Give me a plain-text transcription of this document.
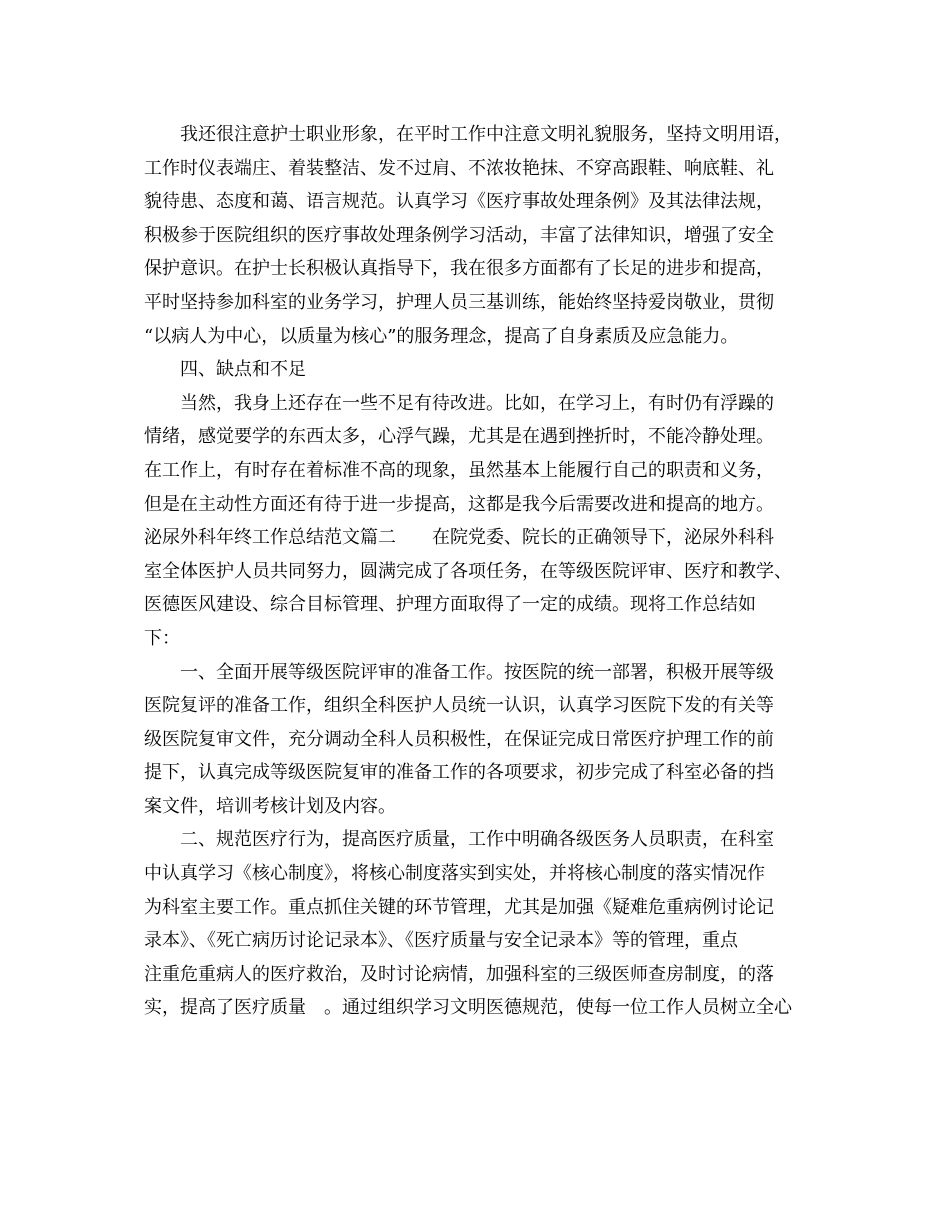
我还很注意护士职业形象，在平时工作中注意文明礼貌服务，坚持文明用语，
工作时仪表端庄、着装整洁、发不过肩、不浓妆艳抹、不穿高跟鞋、响底鞋、礼
貌待患、态度和蔼、语言规范。认真学习《医疗事故处理条例》及其法律法规，
积极参于医院组织的医疗事故处理条例学习活动，丰富了法律知识，增强了安全
保护意识。在护士长积极认真指导下，我在很多方面都有了长足的进步和提高，
平时坚持参加科室的业务学习，护理人员三基训练，能始终坚持爱岗敬业，贯彻
“以病人为中心，以质量为核心”的服务理念，提高了自身素质及应急能力。
四、缺点和不足
当然，我身上还存在一些不足有待改进。比如，在学习上，有时仍有浮躁的
情绪，感觉要学的东西太多，心浮气躁，尤其是在遇到挫折时，不能冷静处理。
在工作上，有时存在着标准不高的现象，虽然基本上能履行自己的职责和义务，
但是在主动性方面还有待于进一步提高，这都是我今后需要改进和提高的地方。
泌尿外科年终工作总结范文篇二　　在院党委、院长的正确领导下，泌尿外科科
室全体医护人员共同努力，圆满完成了各项任务，在等级医院评审、医疗和教学、
医德医风建设、综合目标管理、护理方面取得了一定的成绩。现将工作总结如
下：
一、全面开展等级医院评审的准备工作。按医院的统一部署，积极开展等级
医院复评的准备工作，组织全科医护人员统一认识，认真学习医院下发的有关等
级医院复审文件，充分调动全科人员积极性，在保证完成日常医疗护理工作的前
提下，认真完成等级医院复审的准备工作的各项要求，初步完成了科室必备的挡
案文件，培训考核计划及内容。
二、规范医疗行为，提高医疗质量，工作中明确各级医务人员职责，在科室
中认真学习《核心制度》，将核心制度落实到实处，并将核心制度的落实情况作
为科室主要工作。重点抓住关键的环节管理，尤其是加强《疑难危重病例讨论记
录本》、《死亡病历讨论记录本》、《医疗质量与安全记录本》等的管理，重点
注重危重病人的医疗救治，及时讨论病情，加强科室的三级医师查房制度，的落
实，提高了医疗质量　。通过组织学习文明医德规范，使每一位工作人员树立全心
